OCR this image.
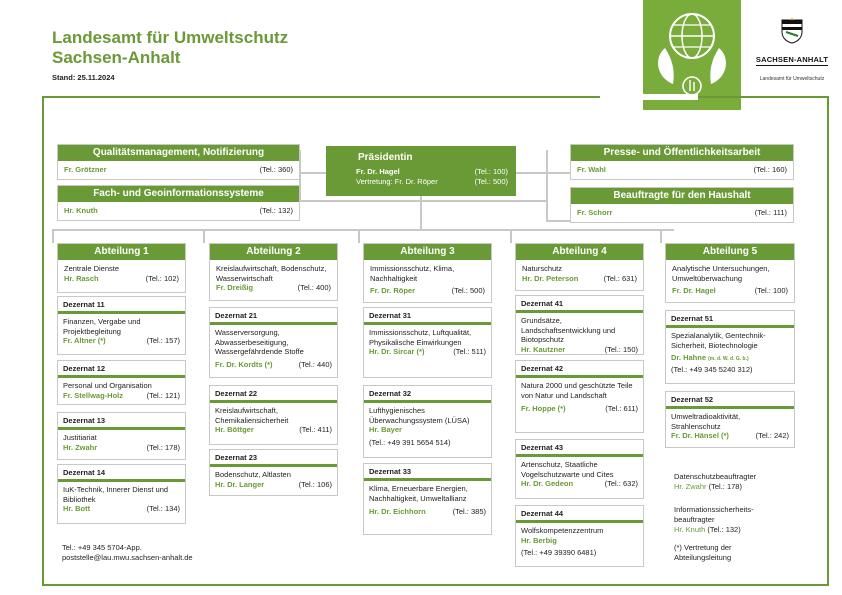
Landesamt für Umweltschutz
Sachsen-Anhalt
Stand: 25.11.2024
SACHSEN-ANHALT
Landesamt für Umweltschutz
Qualitätsmanagement, Notifizierung
Fr. Grötzner	(Tel.: 360)
Fach- und Geoinformationssysteme
Hr. Knuth	(Tel.: 132)
Präsidentin
Fr. Dr. Hagel	(Tel.: 100)
Vertretung: Fr. Dr. Röper	(Tel.: 500)
Presse- und Öffentlichkeitsarbeit
Fr. Wahl	(Tel.: 160)
Beauftragte für den Haushalt
Fr. Schorr	(Tel.: 111)
Abteilung 1
Zentrale Dienste
Hr. Rasch	(Tel.: 102)
Dezernat 11
Finanzen, Vergabe und Projektbegleitung
Fr. Altner (*)	(Tel.: 157)
Dezernat 12
Personal und Organisation
Fr. Stellwag-Holz	(Tel.: 121)
Dezernat 13
Justitiariat
Hr. Zwahr	(Tel.: 178)
Dezernat 14
IuK-Technik, Innerer Dienst und Bibliothek
Hr. Bott	(Tel.: 134)
Abteilung 2
Kreislaufwirtschaft, Bodenschutz, Wasserwirtschaft
Fr. Dreißig	(Tel.: 400)
Dezernat 21
Wasserversorgung, Abwasserbeseitigung, Wassergefährdende Stoffe
Fr. Dr. Kordts (*)	(Tel.: 440)
Dezernat 22
Kreislaufwirtschaft, Chemikaliensicherheit
Hr. Böttger	(Tel.: 411)
Dezernat 23
Bodenschutz, Altlasten
Hr. Dr. Langer	(Tel.: 106)
Abteilung 3
Immissionsschutz, Klima, Nachhaltigkeit
Fr. Dr. Röper	(Tel.: 500)
Dezernat 31
Immissionsschutz, Luftqualität, Physikalische Einwirkungen
Hr. Dr. Sircar (*)	(Tel.: 511)
Dezernat 32
Lufthygienisches Überwachungssystem (LÜSA)
Hr. Bayer
(Tel.: +49 391 5654 514)
Dezernat 33
Klima, Erneuerbare Energien, Nachhaltigkeit, Umweltallianz
Hr. Dr. Eichhorn	(Tel.: 385)
Abteilung 4
Naturschutz
Hr. Dr. Peterson	(Tel.: 631)
Dezernat 41
Grundsätze, Landschaftsentwicklung und Biotopschutz
Hr. Kautzner	(Tel.: 150)
Dezernat 42
Natura 2000 und geschützte Teile von Natur und Landschaft
Fr. Hoppe (*)	(Tel.: 611)
Dezernat 43
Artenschutz, Staatliche Vogelschutzwarte und Cites
Hr. Dr. Gedeon	(Tel.: 632)
Dezernat 44
Wolfskompetenzzentrum
Hr. Berbig
(Tel.: +49 39390 6481)
Abteilung 5
Analytische Untersuchungen, Umweltüberwachung
Fr. Dr. Hagel	(Tel.: 100)
Dezernat 51
Spezialanalytik, Gentechnik-Sicherheit, Biotechnologie
Dr. Hahne (m. d. W. d. G. b.)
(Tel.: +49 345 5240 312)
Dezernat 52
Umweltradioaktivität, Strahlenschutz
Fr. Dr. Hänsel (*)	(Tel.: 242)
Datenschutzbeauftragter
Hr. Zwahr (Tel.: 178)
Informationssicherheits-
beauftragter
Hr. Knuth (Tel.: 132)
(*) Vertretung der
Abteilungsleitung
Tel.: +49 345 5704-App.
poststelle@lau.mwu.sachsen-anhalt.de
